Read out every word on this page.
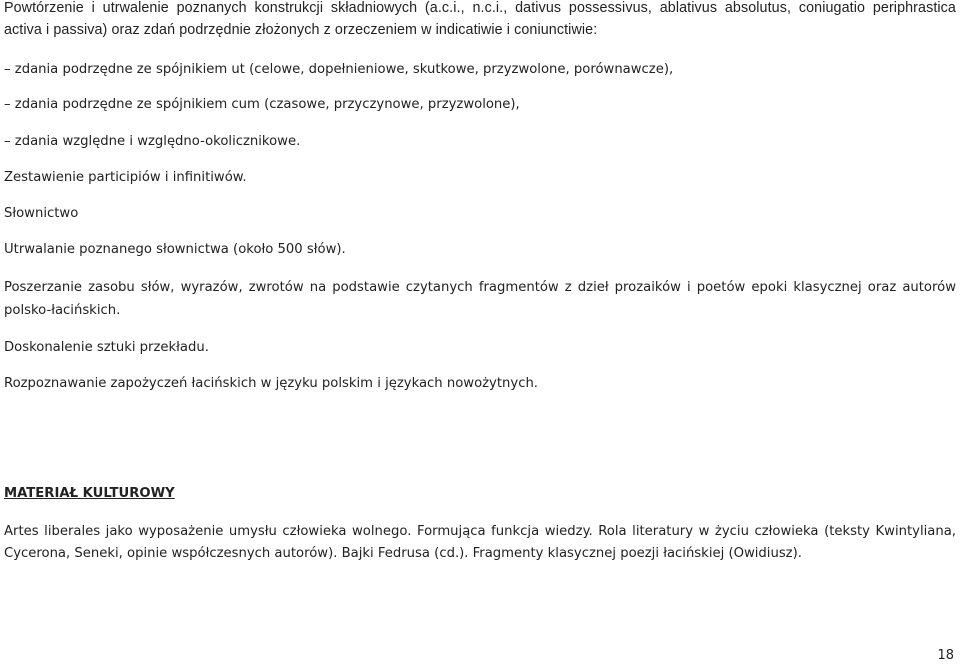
Powtórzenie i utrwalenie poznanych konstrukcji składniowych (a.c.i., n.c.i., dativus possessivus, ablativus absolutus, coniugatio periphrastica
activa i passiva) oraz zdań podrzędnie złożonych z orzeczeniem w indicatiwie i coniunctiwie:
– zdania podrzędne ze spójnikiem ut (celowe, dopełnieniowe, skutkowe, przyzwolone, porównawcze),
– zdania podrzędne ze spójnikiem cum (czasowe, przyczynowe, przyzwolone),
– zdania względne i względno-okolicznikowe.
Zestawienie participiów i infinitiwów.
Słownictwo
Utrwalanie poznanego słownictwa (około 500 słów).
Poszerzanie zasobu słów, wyrazów, zwrotów na podstawie czytanych fragmentów z dzieł prozaików i poetów epoki klasycznej oraz autorów
polsko-łacińskich.
Doskonalenie sztuki przekładu.
Rozpoznawanie zapożyczeń łacińskich w języku polskim i językach nowożytnych.
MATERIAŁ KULTUROWY
Artes liberales jako wyposażenie umysłu człowieka wolnego. Formująca funkcja wiedzy. Rola literatury w życiu człowieka (teksty Kwintyliana,
Cycerona, Seneki, opinie współczesnych autorów). Bajki Fedrusa (cd.). Fragmenty klasycznej poezji łacińskiej (Owidiusz).
18
